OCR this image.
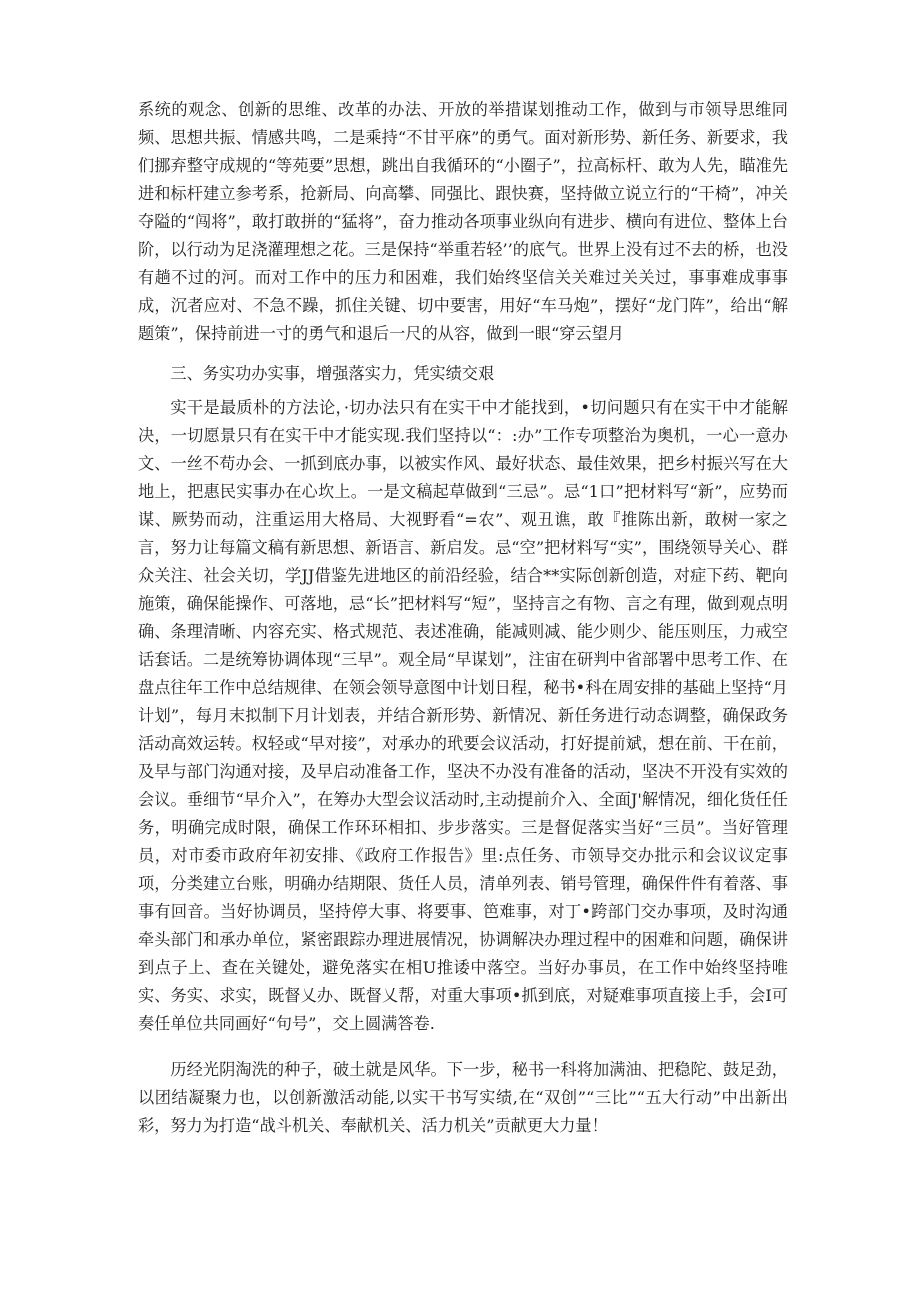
系统的观念、创新的思维、改革的办法、开放的举措谋划推动工作，做到与市领导思维同频、思想共振、情感共鸣，二是乘持“不甘平庥”的勇气。面对新形势、新任务、新要求，我们挪弃整守成规的“等苑要”思想，跳出自我循环的“小圈子”，拉高标杆、敢为人先，瞄准先进和标杆建立参考系，抢新局、向高攀、同强比、跟快赛，坚持做立说立行的“干椅”，冲关夺隘的“闯将”，敢打敢拼的“猛将”，奋力推动各项事业纵向有进步、横向有进位、整体上台阶，以行动为足浇灌理想之花。三是保持“举重若轻’’的底气。世界上没有过不去的桥，也没有趟不过的河。而对工作中的压力和困难，我们始终坚信关关难过关关过，事事难成事事成，沉者应对、不急不躁，抓住关键、切中要害，用好“车马炮”，摆好“龙门阵”，给出“解题策”，保持前进一寸的勇气和退后一尺的从容，做到一眼“穿云望月

三、务实功办实事，增强落实力，凭实绩交艰

实干是最质朴的方法论，·切办法只有在实干中才能找到，•切问题只有在实干中才能解决，一切愿景只有在实干中才能实现.我们坚持以“：:办”工作专项整治为奥机，一心一意办文、一丝不苟办会、一抓到底办事，以被实作风、最好状态、最佳效果，把乡村振兴写在大地上，把惠民实事办在心坎上。一是文稿起草做到“三忌”。忌“1口”把材料写“新”，应势而谋、厥势而动，注重运用大格局、大视野看“=农”、观丑谯，敢『推陈出新，敢树一家之言，努力让每篇文稿有新思想、新语言、新启发。忌“空”把材料写“实”，围绕领导关心、群众关注、社会关切，学JJ借鉴先进地区的前沿经验，结合**实际创新创造，对症下药、靶向施策，确保能操作、可落地，忌“长”把材料写“短”，坚持言之有物、言之有理，做到观点明确、条理清晰、内容充实、格式规范、表述准确，能减则减、能少则少、能压则压，力戒空话套话。二是统筹协调体现“三早”。观全局“早谋划”，注宙在研判中省部署中思考工作、在盘点往年工作中总结规律、在领会领导意图中计划日程，秘书•科在周安排的基础上坚持“月计划”，每月末拟制下月计划表，并结合新形势、新情况、新任务进行动态调整，确保政务活动高效运转。权轻或“早对接”，对承办的玳要会议活动，打好提前斌，想在前、干在前，及早与部门沟通对接，及早启动准备工作，坚决不办没有准备的活动，坚决不开没有实效的会议。垂细节“早介入”，在筹办大型会议活动时,主动提前介入、全面J'解情况，细化货任任务，明确完成时限，确保工作环环相扣、步步落实。三是督促落实当好“三员”。当好管理员，对市委市政府年初安排、《政府工作报告》里:点任务、市领导交办批示和会议议定事项，分类建立台账，明确办结期限、货任人员，清单列表、销号管理，确保件件有着落、事事有回音。当好协调员，坚持停大事、将要事、笆难事，对丁•跨部门交办事项，及时沟通牵头部门和承办单位，紧密跟踪办理进展情况，协调解决办理过程中的困难和问题，确保讲到点子上、查在关键处，避免落实在相U推诿中落空。当好办事员，在工作中始终坚持唯实、务实、求实，既督乂办、既督乂帮，对重大事项•抓到底，对疑难事项直接上手，会I可奏任单位共同画好“句号”，交上圆满答卷.

历经光阴淘洗的种子，破土就是风华。下一步，秘书一科将加满油、把稳陀、鼓足劲，以团结凝聚力也，以创新激活动能,以实干书写实绩,在“双创”“三比”“五大行动”中出新出彩，努力为打造“战斗机关、奉献机关、活力机关”贡献更大力量！
